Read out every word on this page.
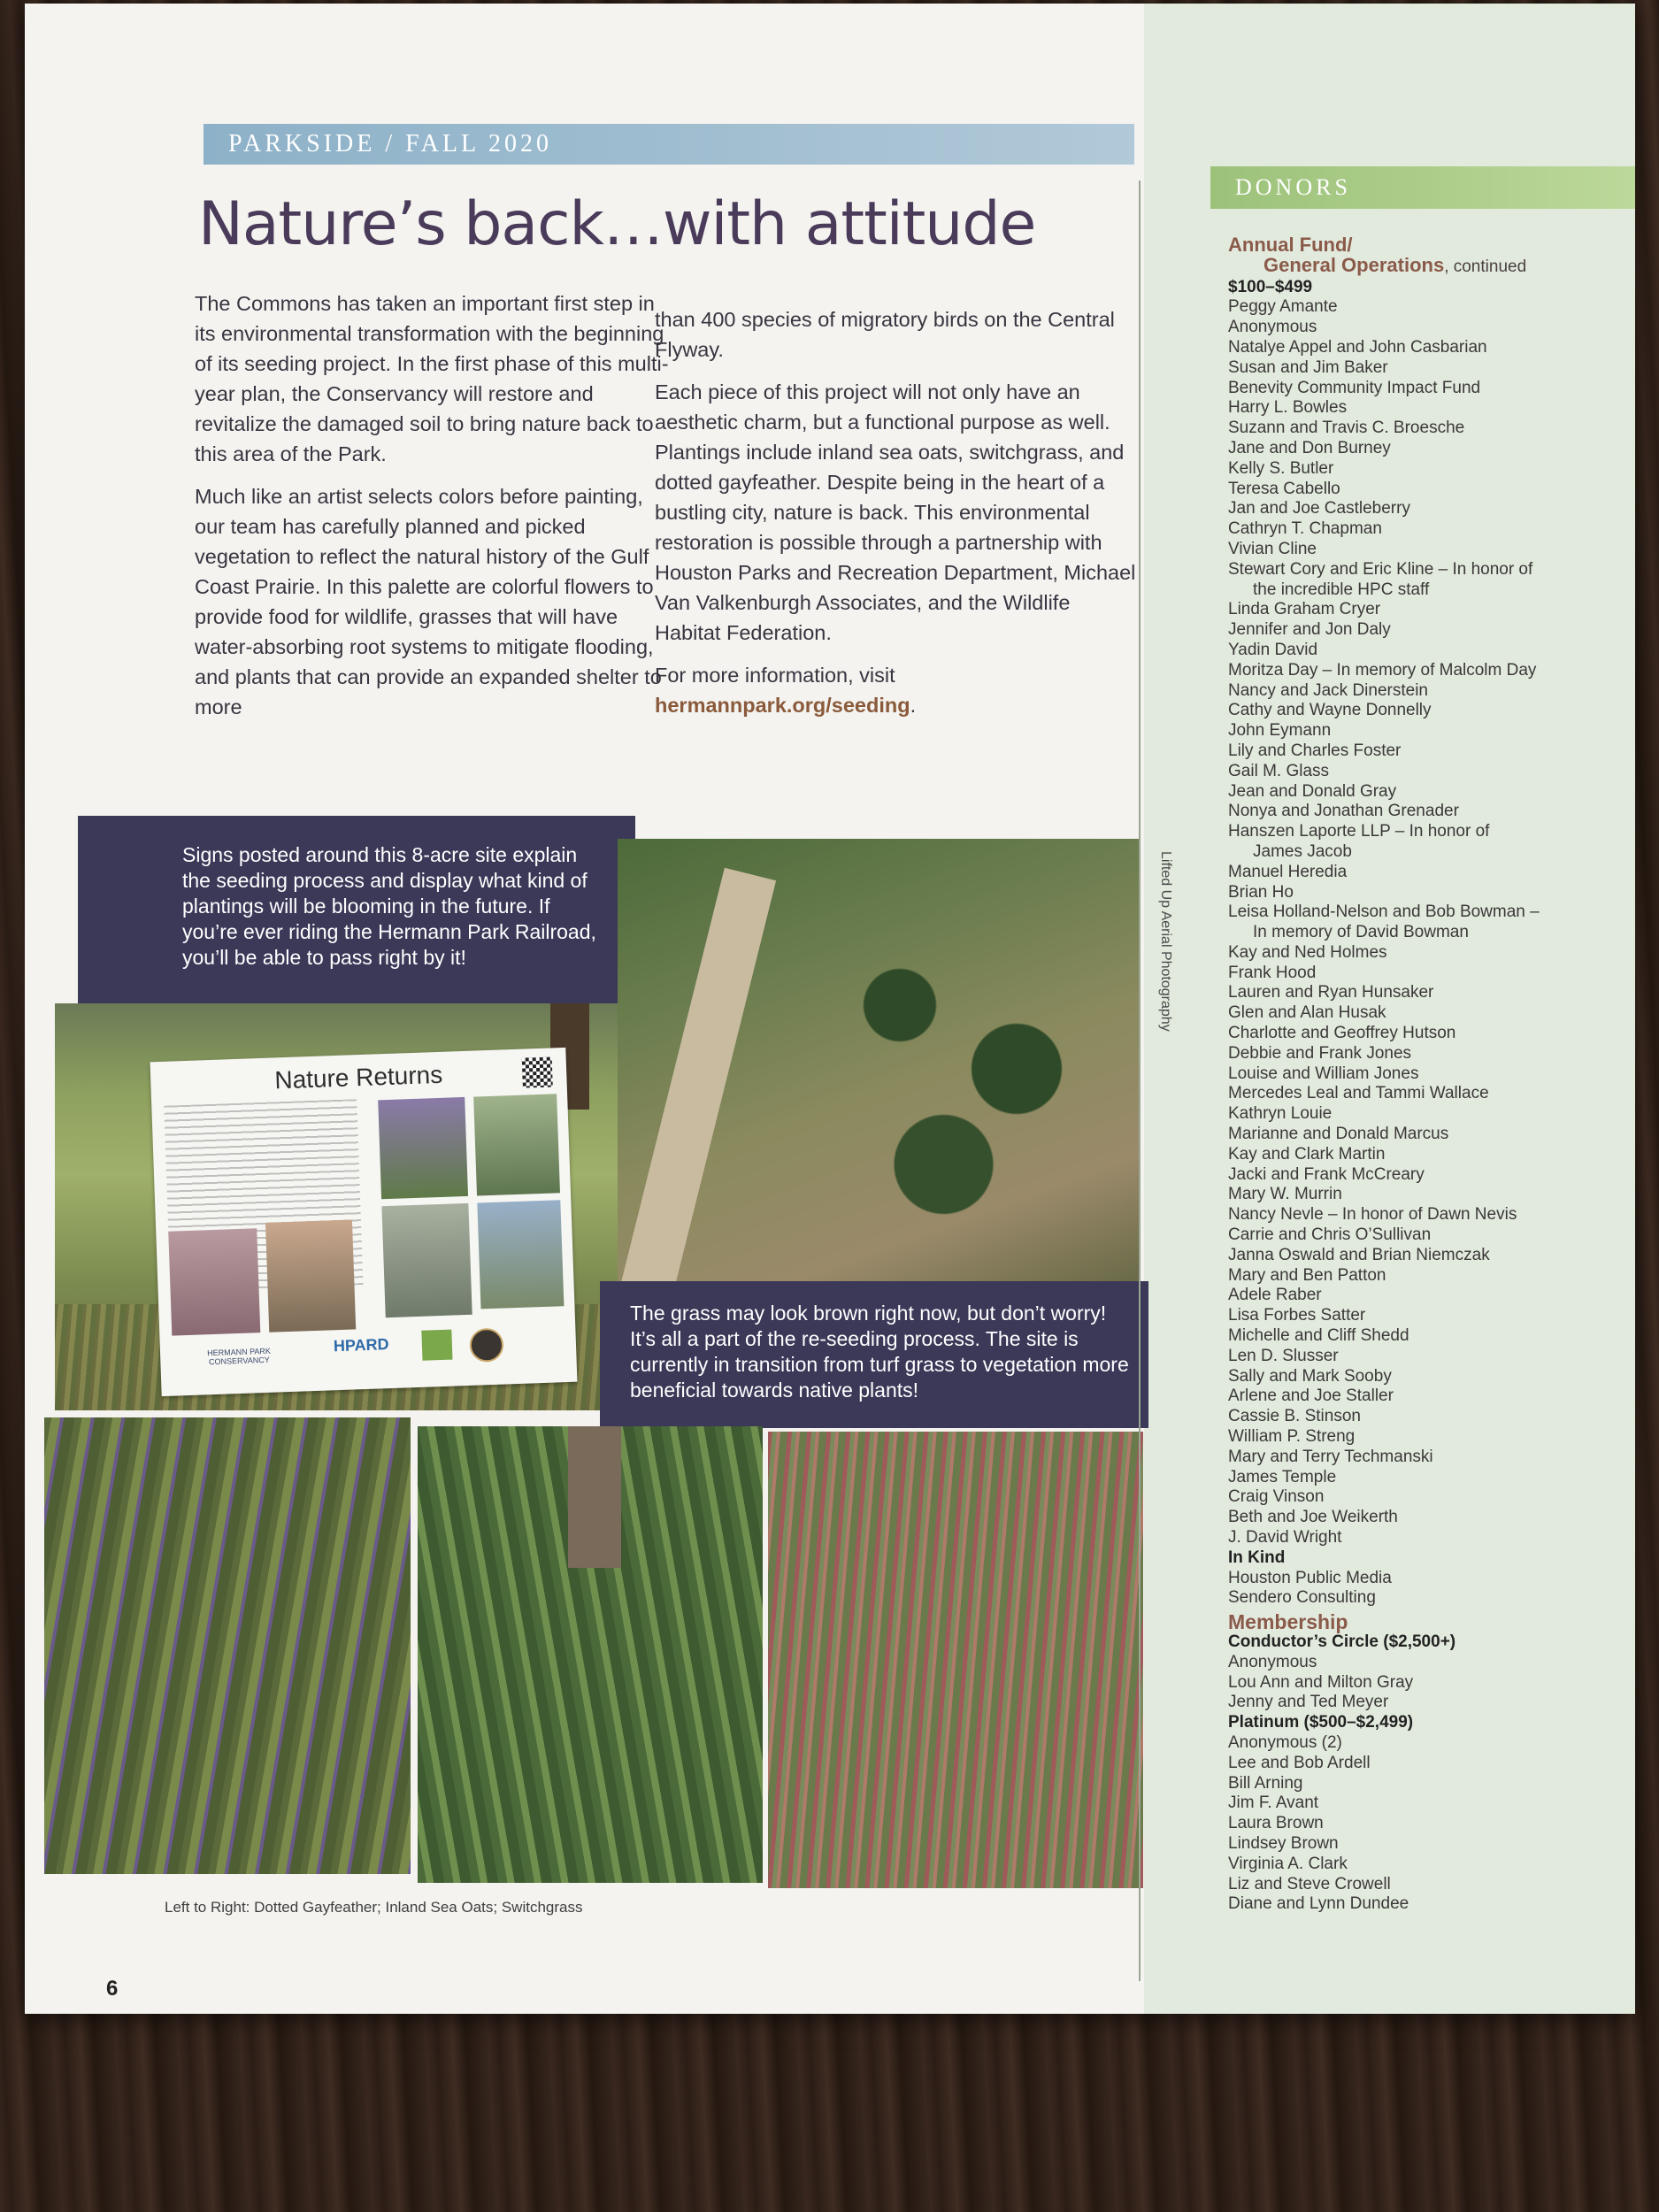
PARKSIDE / FALL 2020
Nature’s back…with attitude

The Commons has taken an important first step in its environmental transformation with the beginning of its seeding project. In the first phase of this multi-year plan, the Conservancy will restore and revitalize the damaged soil to bring nature back to this area of the Park.

Much like an artist selects colors before painting, our team has carefully planned and picked vegetation to reflect the natural history of the Gulf Coast Prairie. In this palette are colorful flowers to provide food for wildlife, grasses that will have water-absorbing root systems to mitigate flooding, and plants that can provide an expanded shelter to more

than 400 species of migratory birds on the Central Flyway.

Each piece of this project will not only have an aesthetic charm, but a functional purpose as well. Plantings include inland sea oats, switchgrass, and dotted gayfeather. Despite being in the heart of a bustling city, nature is back. This environmental restoration is possible through a partnership with Houston Parks and Recreation Department, Michael Van Valkenburgh Associates, and the Wildlife Habitat Federation.

For more information, visit
hermannpark.org/seeding.

Signs posted around this 8-acre site explain the seeding process and display what kind of plantings will be blooming in the future. If you’re ever riding the Hermann Park Railroad, you’ll be able to pass right by it!
Nature Returns
HERMANN PARK CONSERVANCY
HPARD
Lifted Up Aerial Photography
The grass may look brown right now, but don’t worry! It’s all a part of the re-seeding process. The site is currently in transition from turf grass to vegetation more beneficial towards native plants!
Left to Right: Dotted Gayfeather; Inland Sea Oats; Switchgrass
6
DONORS
Annual Fund/
General Operations, continued
$100–$499
Peggy Amante
Anonymous
Natalye Appel and John Casbarian
Susan and Jim Baker
Benevity Community Impact Fund
Harry L. Bowles
Suzann and Travis C. Broesche
Jane and Don Burney
Kelly S. Butler
Teresa Cabello
Jan and Joe Castleberry
Cathryn T. Chapman
Vivian Cline
Stewart Cory and Eric Kline – In honor of
the incredible HPC staff
Linda Graham Cryer
Jennifer and Jon Daly
Yadin David
Moritza Day – In memory of Malcolm Day
Nancy and Jack Dinerstein
Cathy and Wayne Donnelly
John Eymann
Lily and Charles Foster
Gail M. Glass
Jean and Donald Gray
Nonya and Jonathan Grenader
Hanszen Laporte LLP – In honor of
James Jacob
Manuel Heredia
Brian Ho
Leisa Holland-Nelson and Bob Bowman –
In memory of David Bowman
Kay and Ned Holmes
Frank Hood
Lauren and Ryan Hunsaker
Glen and Alan Husak
Charlotte and Geoffrey Hutson
Debbie and Frank Jones
Louise and William Jones
Mercedes Leal and Tammi Wallace
Kathryn Louie
Marianne and Donald Marcus
Kay and Clark Martin
Jacki and Frank McCreary
Mary W. Murrin
Nancy Nevle – In honor of Dawn Nevis
Carrie and Chris O’Sullivan
Janna Oswald and Brian Niemczak
Mary and Ben Patton
Adele Raber
Lisa Forbes Satter
Michelle and Cliff Shedd
Len D. Slusser
Sally and Mark Sooby
Arlene and Joe Staller
Cassie B. Stinson
William P. Streng
Mary and Terry Techmanski
James Temple
Craig Vinson
Beth and Joe Weikerth
J. David Wright
In Kind
Houston Public Media
Sendero Consulting
Membership
Conductor’s Circle ($2,500+)
Anonymous
Lou Ann and Milton Gray
Jenny and Ted Meyer
Platinum ($500–$2,499)
Anonymous (2)
Lee and Bob Ardell
Bill Arning
Jim F. Avant
Laura Brown
Lindsey Brown
Virginia A. Clark
Liz and Steve Crowell
Diane and Lynn Dundee
